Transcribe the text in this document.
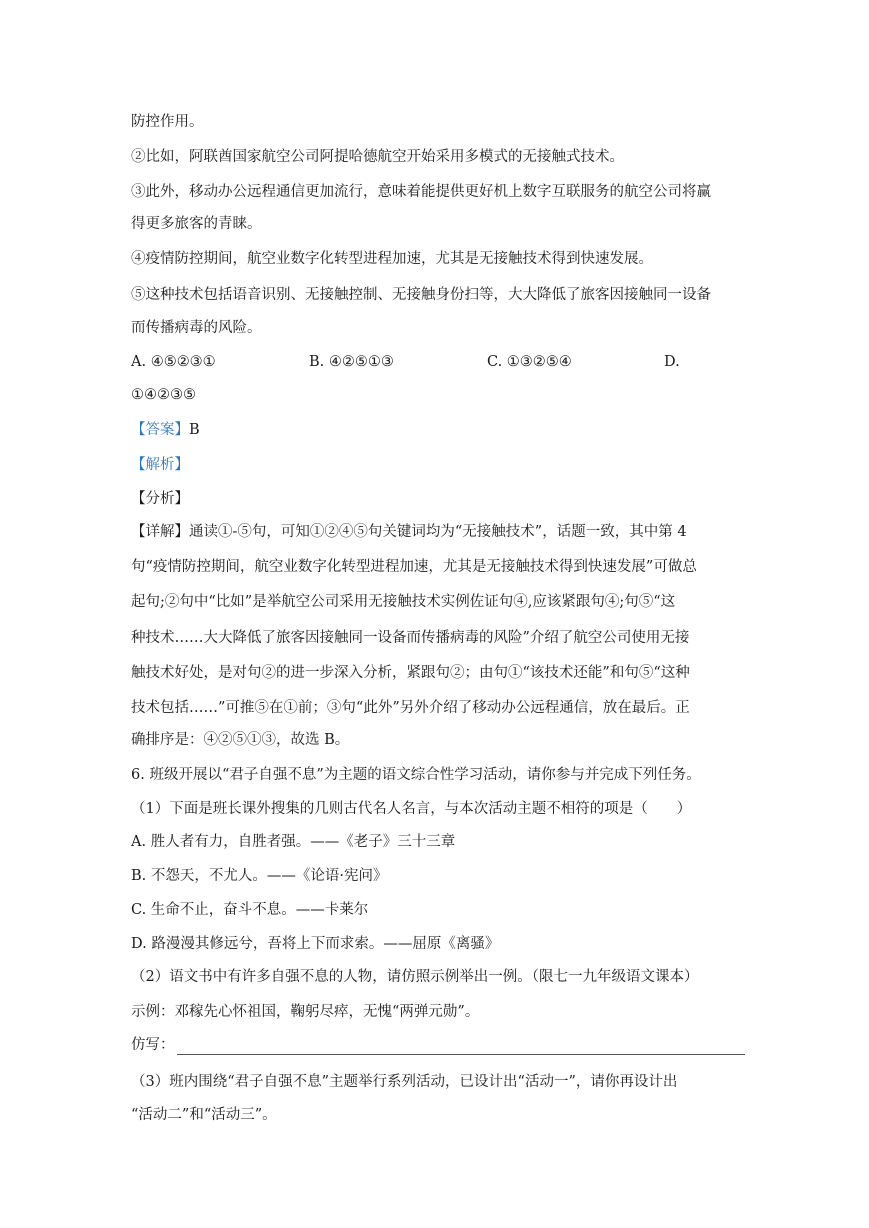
防控作用。
②比如，阿联酋国家航空公司阿提哈德航空开始采用多模式的无接触式技术。
③此外，移动办公远程通信更加流行，意味着能提供更好机上数字互联服务的航空公司将赢
得更多旅客的青睐。
④疫情防控期间，航空业数字化转型进程加速，尤其是无接触技术得到快速发展。
⑤这种技术包括语音识别、无接触控制、无接触身份扫等，大大降低了旅客因接触同一设备
而传播病毒的风险。
A. ④⑤②③①	B. ④②⑤①③	C. ①③②⑤④	D.
①④②③⑤
【答案】B
【解析】
【分析】
【详解】通读①-⑤句，可知①②④⑤句关键词均为“无接触技术”，话题一致，其中第 4
句“疫情防控期间，航空业数字化转型进程加速，尤其是无接触技术得到快速发展”可做总
起句;②句中“比如”是举航空公司采用无接触技术实例佐证句④,应该紧跟句④;句⑤“这
种技术……大大降低了旅客因接触同一设备而传播病毒的风险”介绍了航空公司使用无接
触技术好处，是对句②的进一步深入分析，紧跟句②；由句①“该技术还能”和句⑤“这种
技术包括……”可推⑤在①前；③句“此外”另外介绍了移动办公远程通信，放在最后。正
确排序是：④②⑤①③，故选 B。
6. 班级开展以“君子自强不息”为主题的语文综合性学习活动，请你参与并完成下列任务。
（1）下面是班长课外搜集的几则古代名人名言，与本次活动主题不相符的项是（　　）
A. 胜人者有力，自胜者强。——《老子》三十三章
B. 不怨天，不尤人。——《论语·宪问》
C. 生命不止，奋斗不息。——卡莱尔
D. 路漫漫其修远兮，吾将上下而求索。——屈原《离骚》
（2）语文书中有许多自强不息的人物，请仿照示例举出一例。（限七一九年级语文课本）
示例：邓稼先心怀祖国，鞠躬尽瘁，无愧“两弹元勋”。
仿写：
（3）班内围绕“君子自强不息”主题举行系列活动，已设计出“活动一”，请你再设计出
“活动二”和“活动三”。
